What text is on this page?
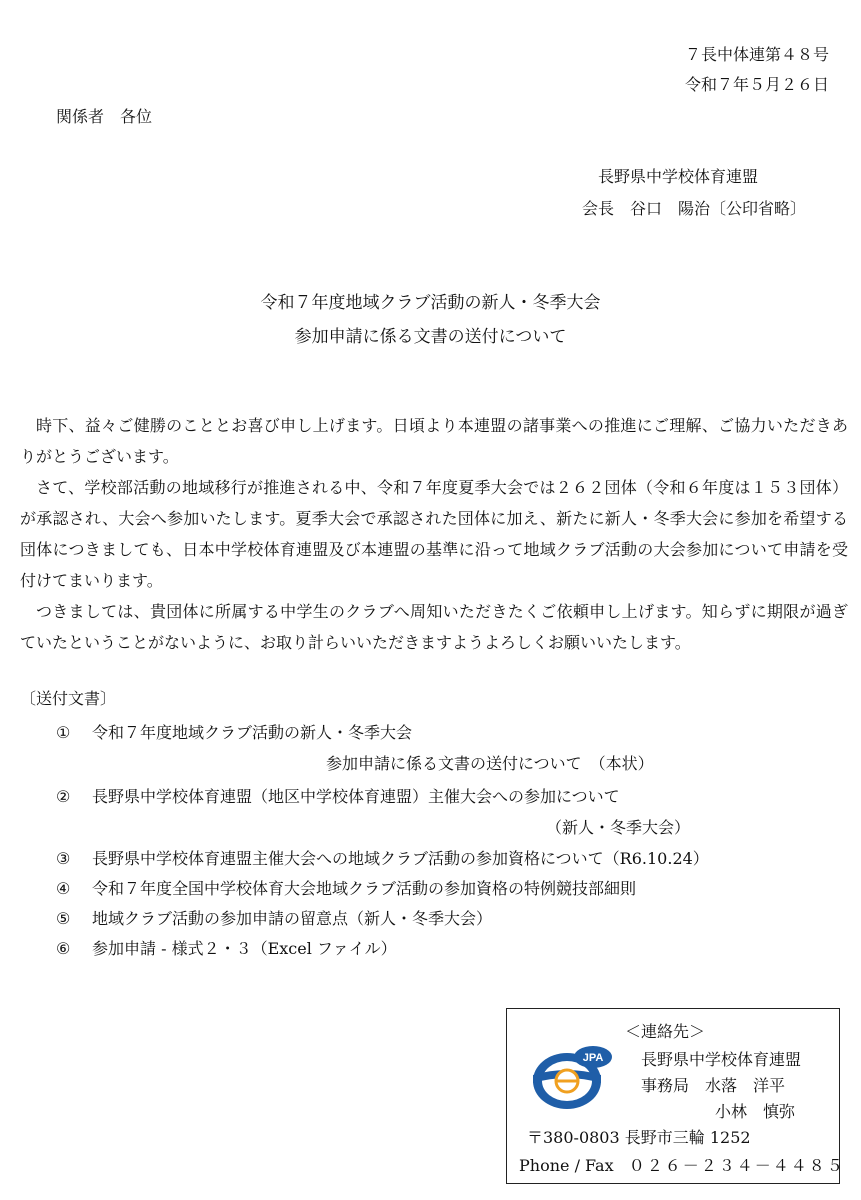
７長中体連第４８号
令和７年５月２６日
関係者　各位
長野県中学校体育連盟
会長　谷口　陽治〔公印省略〕
令和７年度地域クラブ活動の新人・冬季大会
参加申請に係る文書の送付について
時下、益々ご健勝のこととお喜び申し上げます。日頃より本連盟の諸事業への推進にご理解、ご協力いただきありがとうございます。
さて、学校部活動の地域移行が推進される中、令和７年度夏季大会では２６２団体（令和６年度は１５３団体）が承認され、大会へ参加いたします。夏季大会で承認された団体に加え、新たに新人・冬季大会に参加を希望する団体につきましても、日本中学校体育連盟及び本連盟の基準に沿って地域クラブ活動の大会参加について申請を受付けてまいります。
つきましては、貴団体に所属する中学生のクラブへ周知いただきたくご依頼申し上げます。知らずに期限が過ぎていたということがないように、お取り計らいいただきますようよろしくお願いいたします。
〔送付文書〕
① 令和７年度地域クラブ活動の新人・冬季大会
参加申請に係る文書の送付について　（本状）
② 長野県中学校体育連盟（地区中学校体育連盟）主催大会への参加について
（新人・冬季大会）
③ 長野県中学校体育連盟主催大会への地域クラブ活動の参加資格について（R6.10.24）
④ 令和７年度全国中学校体育大会地域クラブ活動の参加資格の特例競技部細則
⑤ 地域クラブ活動の参加申請の留意点（新人・冬季大会）
⑥ 参加申請 - 様式２・３（Excel ファイル）
＜連絡先＞
長野県中学校体育連盟
事務局　水落　洋平
小林　慎弥
〒380-0803 長野市三輪 1252
Phone / Fax ０２６－２３４－４４８５
JPA
